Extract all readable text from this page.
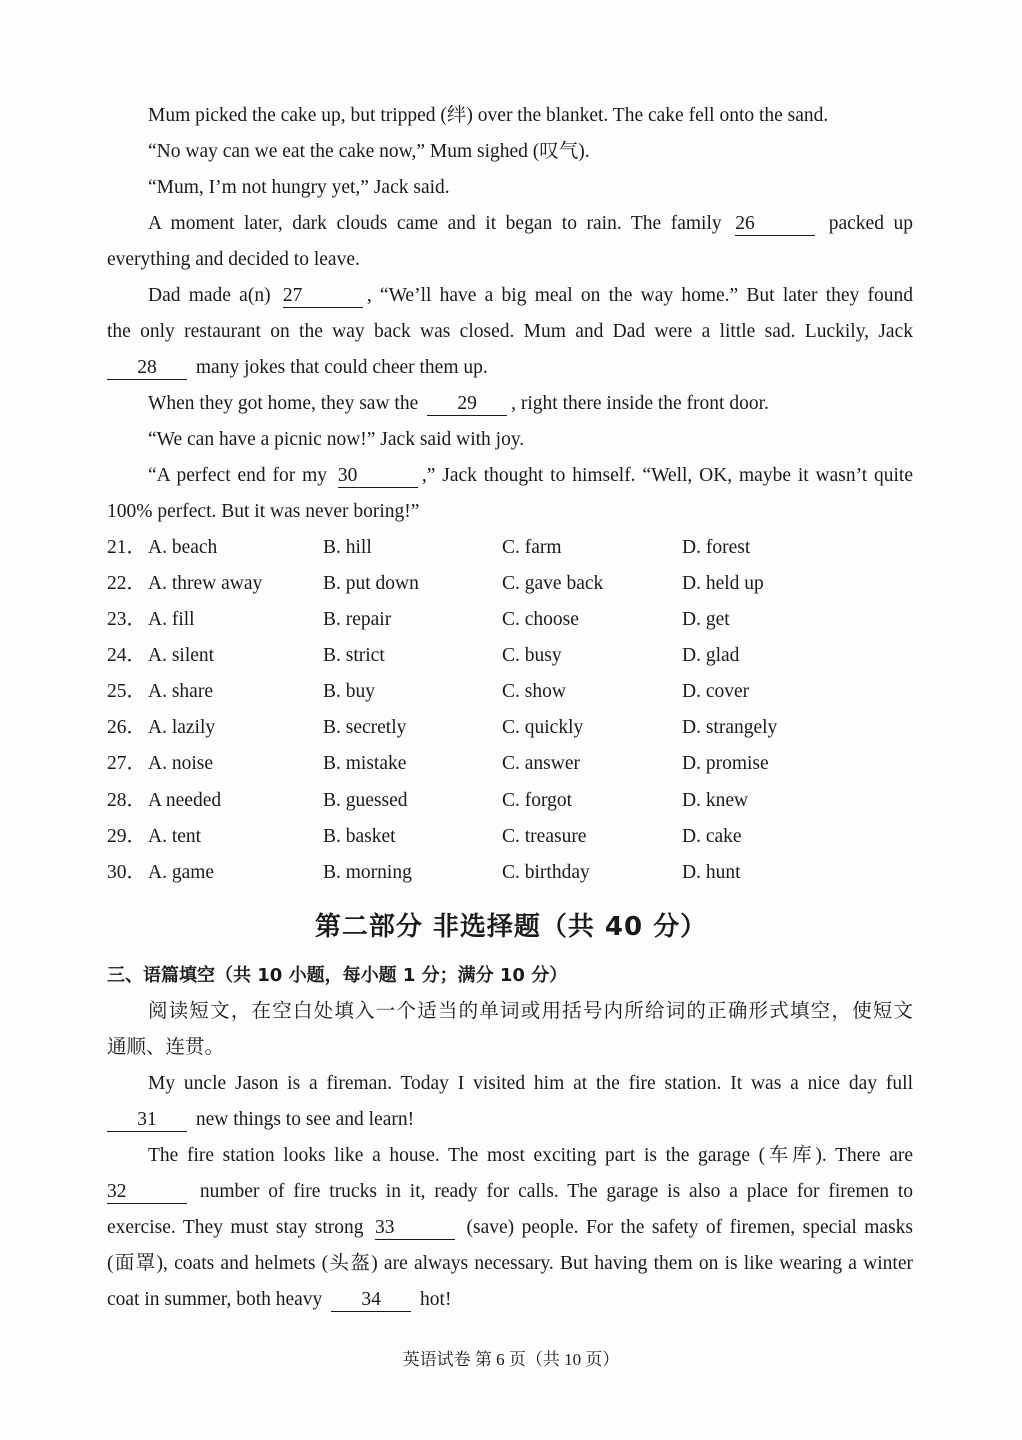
Mum picked the cake up, but tripped (绊) over the blanket. The cake fell onto the sand.
“No way can we eat the cake now,” Mum sighed (叹气).
“Mum, I’m not hungry yet,” Jack said.
A moment later, dark clouds came and it began to rain. The family 26	packed up
everything and decided to leave.
Dad made a(n) 27	, “We’ll have a big meal on the way home.” But later they found
the only restaurant on the way back was closed. Mum and Dad were a little sad. Luckily, Jack
28 many jokes that could cheer them up.
When they got home, they saw the 29 , right there inside the front door.
“We can have a picnic now!” Jack said with joy.
“A perfect end for my 30	,” Jack thought to himself. “Well, OK, maybe it wasn’t quite
100% perfect. But it was never boring!”
21． A. beach	B. hill	C. farm	D. forest
22． A. threw away	B. put down	C. gave back	D. held up
23． A. fill	B. repair	C. choose	D. get
24． A. silent	B. strict	C. busy	D. glad
25． A. share	B. buy	C. show	D. cover
26． A. lazily	B. secretly	C. quickly	D. strangely
27． A. noise	B. mistake	C. answer	D. promise
28． A needed	B. guessed	C. forgot	D. knew
29． A. tent	B. basket	C. treasure	D. cake
30． A. game	B. morning	C. birthday	D. hunt
第二部分 非选择题（共 40 分）
三、语篇填空（共 10 小题，每小题 1 分；满分 10 分）
阅读短文，在空白处填入一个适当的单词或用括号内所给词的正确形式填空，使短文
通顺、连贯。
My uncle Jason is a fireman. Today I visited him at the fire station. It was a nice day full
31 new things to see and learn!
The fire station looks like a house. The most exciting part is the garage (车库). There are
32	number of fire trucks in it, ready for calls. The garage is also a place for firemen to
exercise. They must stay strong 33	(save) people. For the safety of firemen, special masks
(面罩), coats and helmets (头盔) are always necessary. But having them on is like wearing a winter
coat in summer, both heavy 34 hot!
英语试卷 第 6 页（共 10 页）
